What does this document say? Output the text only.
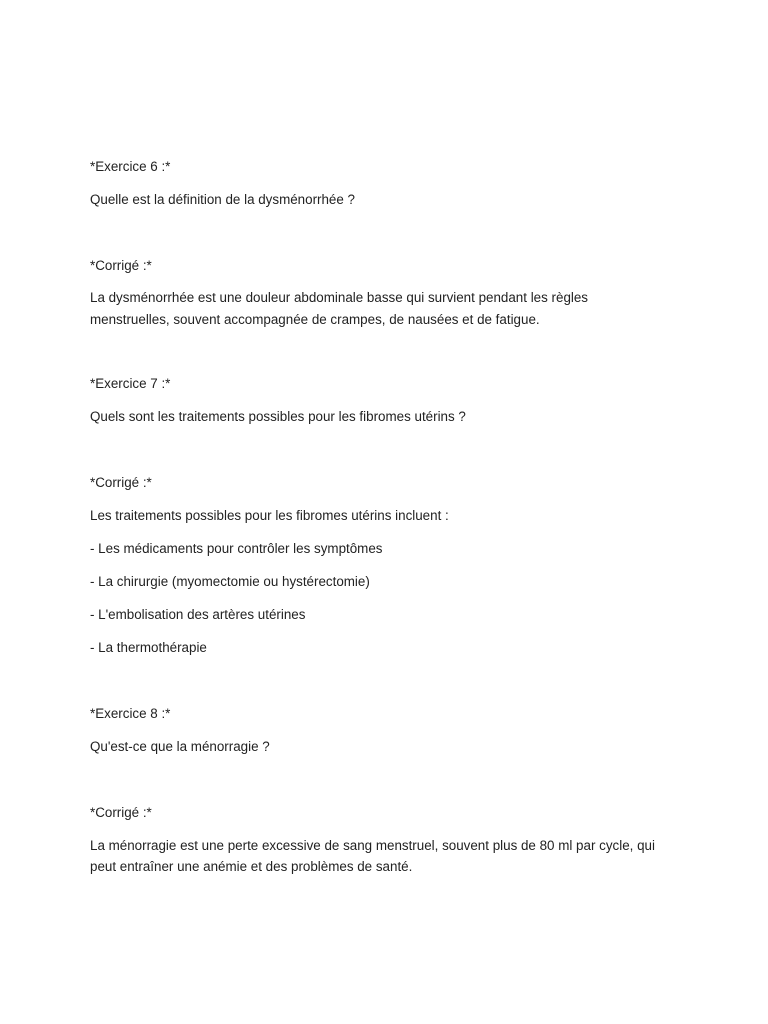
*Exercice 6 :*

Quelle est la définition de la dysménorrhée ?

*Corrigé :*

La dysménorrhée est une douleur abdominale basse qui survient pendant les règles

menstruelles, souvent accompagnée de crampes, de nausées et de fatigue.

*Exercice 7 :*

Quels sont les traitements possibles pour les fibromes utérins ?

*Corrigé :*

Les traitements possibles pour les fibromes utérins incluent :

- Les médicaments pour contrôler les symptômes

- La chirurgie (myomectomie ou hystérectomie)

- L'embolisation des artères utérines

- La thermothérapie

*Exercice 8 :*

Qu'est-ce que la ménorragie ?

*Corrigé :*

La ménorragie est une perte excessive de sang menstruel, souvent plus de 80 ml par cycle, qui

peut entraîner une anémie et des problèmes de santé.
